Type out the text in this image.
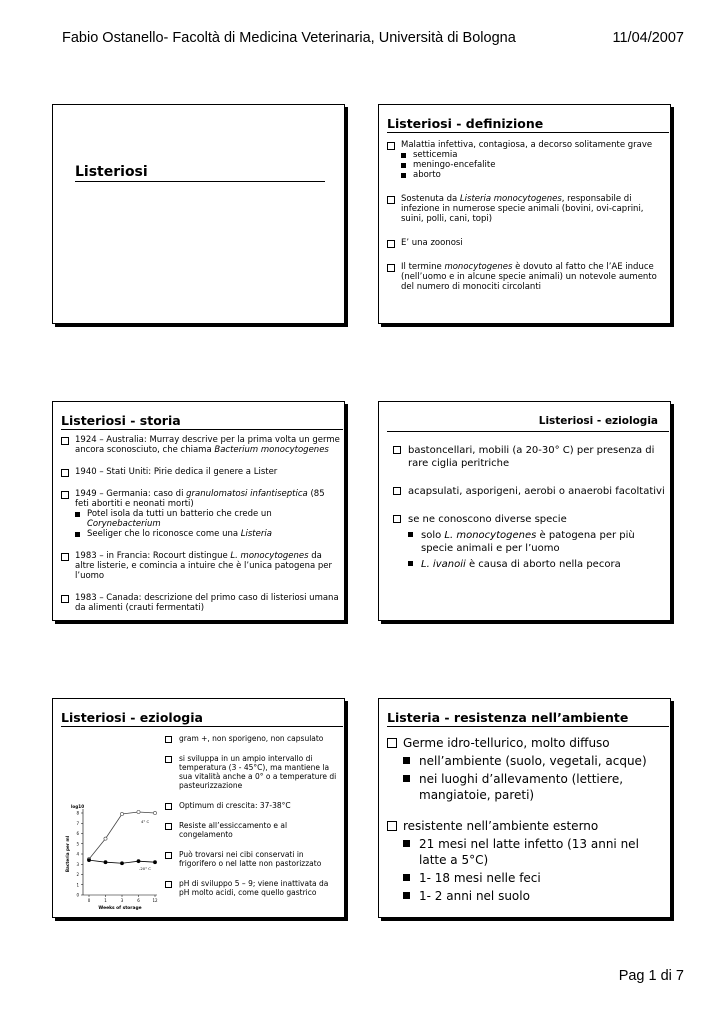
Fabio Ostanello- Facoltà di Medicina Veterinaria, Università di Bologna	11/04/2007
Listeriosi
Listeriosi - definizione
Malattia infettiva, contagiosa, a decorso solitamente grave
setticemia
meningo-encefalite
aborto
Sostenuta da Listeria monocytogenes, responsabile di infezione in numerose specie animali (bovini, ovi-caprini, suini, polli, cani, topi)
E’ una zoonosi
Il termine monocytogenes è dovuto al fatto che l’AE induce (nell’uomo e in alcune specie animali) un notevole aumento del numero di monociti circolanti
Listeriosi - storia
1924 – Australia: Murray descrive per la prima volta un germe ancora sconosciuto, che chiama Bacterium monocytogenes
1940 – Stati Uniti: Pirie dedica il genere a Lister
1949 – Germania: caso di granulomatosi infantiseptica (85 feti abortiti e neonati morti)
Potel isola da tutti un batterio che crede un Corynebacterium
Seeliger che lo riconosce come una Listeria
1983 – in Francia: Rocourt distingue L. monocytogenes da altre listerie, e comincia a intuire che è l’unica patogena per l’uomo
1983 – Canada: descrizione del primo caso di listeriosi umana da alimenti (crauti fermentati)
Listeriosi - eziologia
bastoncellari, mobili (a 20-30° C) per presenza di rare ciglia peritriche
acapsulati, asporigeni, aerobi o anaerobi facoltativi
se ne conoscono diverse specie
solo L. monocytogenes è patogena per più specie animali e per l’uomo
L. ivanoii è causa di aborto nella pecora
Listeriosi - eziologia
0
1
2
3
4
5
6
7
8
0	1	3	6	12
Bacteria per ml
log10
Weeks of storage
4° C
-20° C
gram +, non sporigeno, non capsulato
si sviluppa in un ampio intervallo di temperatura (3 - 45°C), ma mantiene la sua vitalità anche a 0° o a temperature di pasteurizzazione
Optimum di crescita: 37-38°C
Resiste all’essiccamento e al congelamento
Può trovarsi nei cibi conservati in frigorifero o nel latte non pastorizzato
pH di sviluppo 5 – 9; viene inattivata da pH molto acidi, come quello gastrico
Listeria - resistenza nell’ambiente
Germe idro-tellurico, molto diffuso
nell’ambiente (suolo, vegetali, acque)
nei luoghi d’allevamento (lettiere, mangiatoie, pareti)
resistente nell’ambiente esterno
21 mesi nel latte infetto (13 anni nel latte a 5°C)
1- 18 mesi nelle feci
1- 2 anni nel suolo
Pag 1 di 7
